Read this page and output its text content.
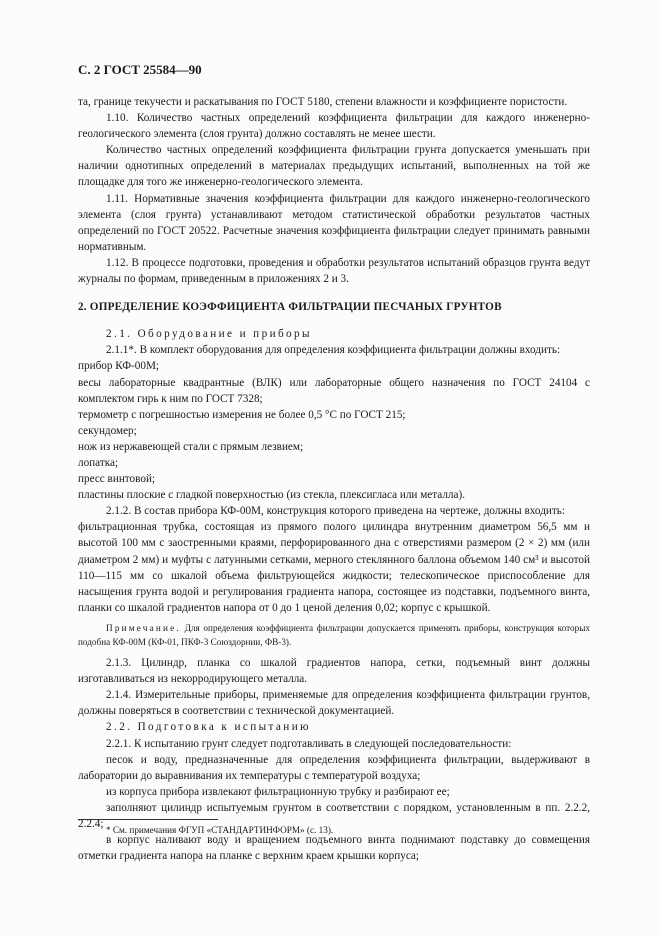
С. 2 ГОСТ 25584—90

та, границе текучести и раскатывания по ГОСТ 5180, степени влажности и коэффициенте пористости.

1.10. Количество частных определений коэффициента фильтрации для каждого инженерно-геологического элемента (слоя грунта) должно составлять не менее шести.

Количество частных определений коэффициента фильтрации грунта допускается уменьшать при наличии однотипных определений в материалах предыдущих испытаний, выполненных на той же площадке для того же инженерно-геологического элемента.

1.11. Нормативные значения коэффициента фильтрации для каждого инженерно-геологического элемента (слоя грунта) устанавливают методом статистической обработки результатов частных определений по ГОСТ 20522. Расчетные значения коэффициента фильтрации следует принимать равными нормативным.

1.12. В процессе подготовки, проведения и обработки результатов испытаний образцов грунта ведут журналы по формам, приведенным в приложениях 2 и 3.

2. ОПРЕДЕЛЕНИЕ КОЭФФИЦИЕНТА ФИЛЬТРАЦИИ ПЕСЧАНЫХ ГРУНТОВ

2.1. Оборудование и приборы

2.1.1*. В комплект оборудования для определения коэффициента фильтрации должны входить:

прибор КФ-00М;

весы лабораторные квадрантные (ВЛК) или лабораторные общего назначения по ГОСТ 24104 с комплектом гирь к ним по ГОСТ 7328;

термометр с погрешностью измерения не более 0,5 °С по ГОСТ 215;

секундомер;

нож из нержавеющей стали с прямым лезвием;

лопатка;

пресс винтовой;

пластины плоские с гладкой поверхностью (из стекла, плексигласа или металла).

2.1.2. В состав прибора КФ-00М, конструкция которого приведена на чертеже, должны входить:

фильтрационная трубка, состоящая из прямого полого цилиндра внутренним диаметром 56,5 мм и высотой 100 мм с заостренными краями, перфорированного дна с отверстиями размером (2 × 2) мм (или диаметром 2 мм) и муфты с латунными сетками, мерного стеклянного баллона объемом 140 см³ и высотой 110—115 мм со шкалой объема фильтрующейся жидкости; телескопическое приспособление для насыщения грунта водой и регулирования градиента напора, состоящее из подставки, подъемного винта, планки со шкалой градиентов напора от 0 до 1 ценой деления 0,02; корпус с крышкой.

Примечание. Для определения коэффициента фильтрации допускается применять приборы, конструкция которых подобна КФ-00М (КФ-01, ПКФ-3 Союздорнии, ФВ-3).

2.1.3. Цилиндр, планка со шкалой градиентов напора, сетки, подъемный винт должны изготавливаться из некорродирующего металла.

2.1.4. Измерительные приборы, применяемые для определения коэффициента фильтрации грунтов, должны поверяться в соответствии с технической документацией.

2.2. Подготовка к испытанию

2.2.1. К испытанию грунт следует подготавливать в следующей последовательности:

песок и воду, предназначенные для определения коэффициента фильтрации, выдерживают в лаборатории до выравнивания их температуры с температурой воздуха;

из корпуса прибора извлекают фильтрационную трубку и разбирают ее;

заполняют цилиндр испытуемым грунтом в соответствии с порядком, установленным в пп. 2.2.2, 2.2.4;

в корпус наливают воду и вращением подъемного винта поднимают подставку до совмещения отметки градиента напора на планке с верхним краем крышки корпуса;

* См. примечания ФГУП «СТАНДАРТИНФОРМ» (с. 13).
